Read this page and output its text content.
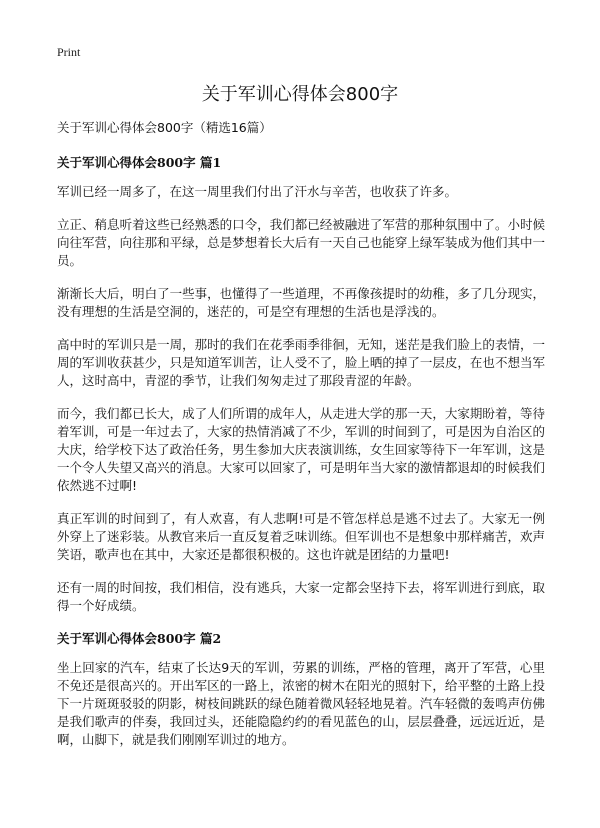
Print
关于军训心得体会800字

关于军训心得体会800字（精选16篇）

关于军训心得体会800字 篇1

军训已经一周多了，在这一周里我们付出了汗水与辛苦，也收获了许多。

立正、稍息听着这些已经熟悉的口令，我们都已经被融进了军营的那种氛围中了。小时候向往军营，向往那和平绿，总是梦想着长大后有一天自己也能穿上绿军装成为他们其中一员。

渐渐长大后，明白了一些事，也懂得了一些道理，不再像孩提时的幼稚，多了几分现实，没有理想的生活是空洞的，迷茫的，可是空有理想的生活也是浮浅的。

高中时的军训只是一周，那时的我们在花季雨季徘徊，无知，迷茫是我们脸上的表情，一周的军训收获甚少，只是知道军训苦，让人受不了，脸上晒的掉了一层皮，在也不想当军人，这时高中，青涩的季节，让我们匆匆走过了那段青涩的年龄。

而今，我们都已长大，成了人们所谓的成年人，从走进大学的那一天，大家期盼着，等待着军训，可是一年过去了，大家的热情消减了不少，军训的时间到了，可是因为自治区的大庆，给学校下达了政治任务，男生参加大庆表演训练，女生回家等待下一年军训，这是一个令人失望又高兴的消息。大家可以回家了，可是明年当大家的激情都退却的时候我们依然逃不过啊!

真正军训的时间到了，有人欢喜，有人悲啊!可是不管怎样总是逃不过去了。大家无一例外穿上了迷彩装。从教官来后一直反复着乏味训练。但军训也不是想象中那样痛苦，欢声笑语，歌声也在其中，大家还是都很积极的。这也许就是团结的力量吧!

还有一周的时间按，我们相信，没有逃兵，大家一定都会坚持下去，将军训进行到底，取得一个好成绩。

关于军训心得体会800字 篇2

坐上回家的汽车，结束了长达9天的军训，劳累的训练，严格的管理，离开了军营，心里不免还是很高兴的。开出军区的一路上，浓密的树木在阳光的照射下，给平整的土路上投下一片斑斑驳驳的阴影，树枝间跳跃的绿色随着微风轻轻地晃着。汽车轻微的轰鸣声仿佛是我们歌声的伴奏，我回过头，还能隐隐约约的看见蓝色的山，层层叠叠，远远近近，是啊，山脚下，就是我们刚刚军训过的地方。
